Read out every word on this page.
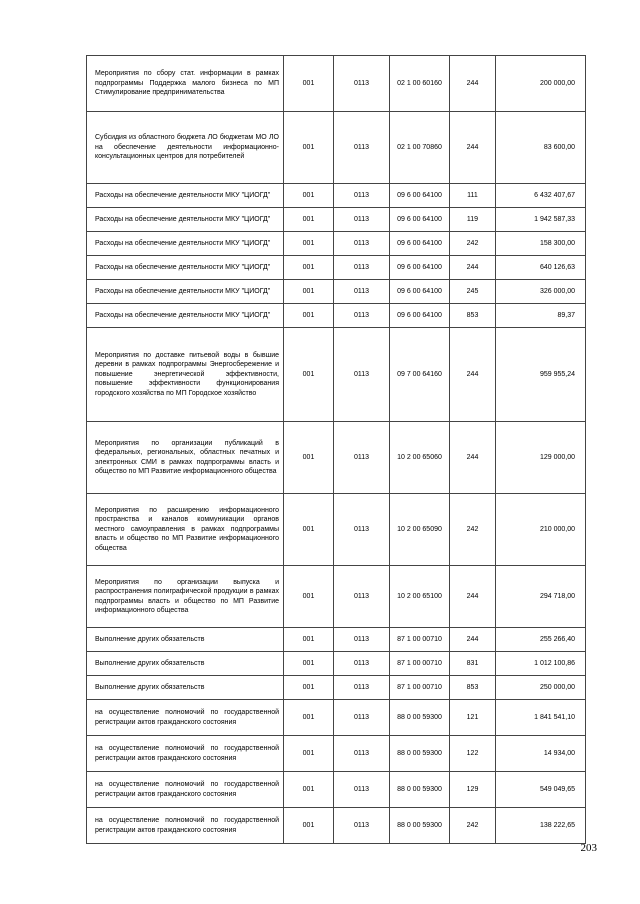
Мероприятия по сбору стат. информации в рамках подпрограммы Поддержка малого бизнеса по МП Стимулирование предпринимательства	001	0113	02 1 00 60160	244	200 000,00
Субсидия из областного бюджета ЛО бюджетам МО ЛО на обеспечение деятельности информационно-консультационных центров для потребителей	001	0113	02 1 00 70860	244	83 600,00
Расходы на обеспечение деятельности МКУ "ЦИОГД"	001	0113	09 6 00 64100	111	6 432 407,67
Расходы на обеспечение деятельности МКУ "ЦИОГД"	001	0113	09 6 00 64100	119	1 942 587,33
Расходы на обеспечение деятельности МКУ "ЦИОГД"	001	0113	09 6 00 64100	242	158 300,00
Расходы на обеспечение деятельности МКУ "ЦИОГД"	001	0113	09 6 00 64100	244	640 126,63
Расходы на обеспечение деятельности МКУ "ЦИОГД"	001	0113	09 6 00 64100	245	326 000,00
Расходы на обеспечение деятельности МКУ "ЦИОГД"	001	0113	09 6 00 64100	853	89,37
Мероприятия по доставке питьевой воды в бывшие деревни в рамках подпрограммы Энергосбережение и повышение энергетической эффективности, повышение эффективности функционирования городского хозяйства по МП Городское хозяйство	001	0113	09 7 00 64160	244	959 955,24
Мероприятия по организации публикаций в федеральных, региональных, областных печатных и электронных СМИ в рамках подпрограммы власть и общество по МП Развитие информационного общества	001	0113	10 2 00 65060	244	129 000,00
Мероприятия по расширению информационного пространства и каналов коммуникации органов местного самоуправления в рамках подпрограммы власть и общество по МП Развитие информационного общества	001	0113	10 2 00 65090	242	210 000,00
Мероприятия по организации выпуска и распространения полиграфической продукции в рамках подпрограммы власть и общество по МП Развитие информационного общества	001	0113	10 2 00 65100	244	294 718,00
Выполнение других обязательств	001	0113	87 1 00 00710	244	255 266,40
Выполнение других обязательств	001	0113	87 1 00 00710	831	1 012 100,86
Выполнение других обязательств	001	0113	87 1 00 00710	853	250 000,00
на осуществление полномочий по государственной регистрации актов гражданского состояния	001	0113	88 0 00 59300	121	1 841 541,10
на осуществление полномочий по государственной регистрации актов гражданского состояния	001	0113	88 0 00 59300	122	14 934,00
на осуществление полномочий по государственной регистрации актов гражданского состояния	001	0113	88 0 00 59300	129	549 049,65
на осуществление полномочий по государственной регистрации актов гражданского состояния	001	0113	88 0 00 59300	242	138 222,65
203
